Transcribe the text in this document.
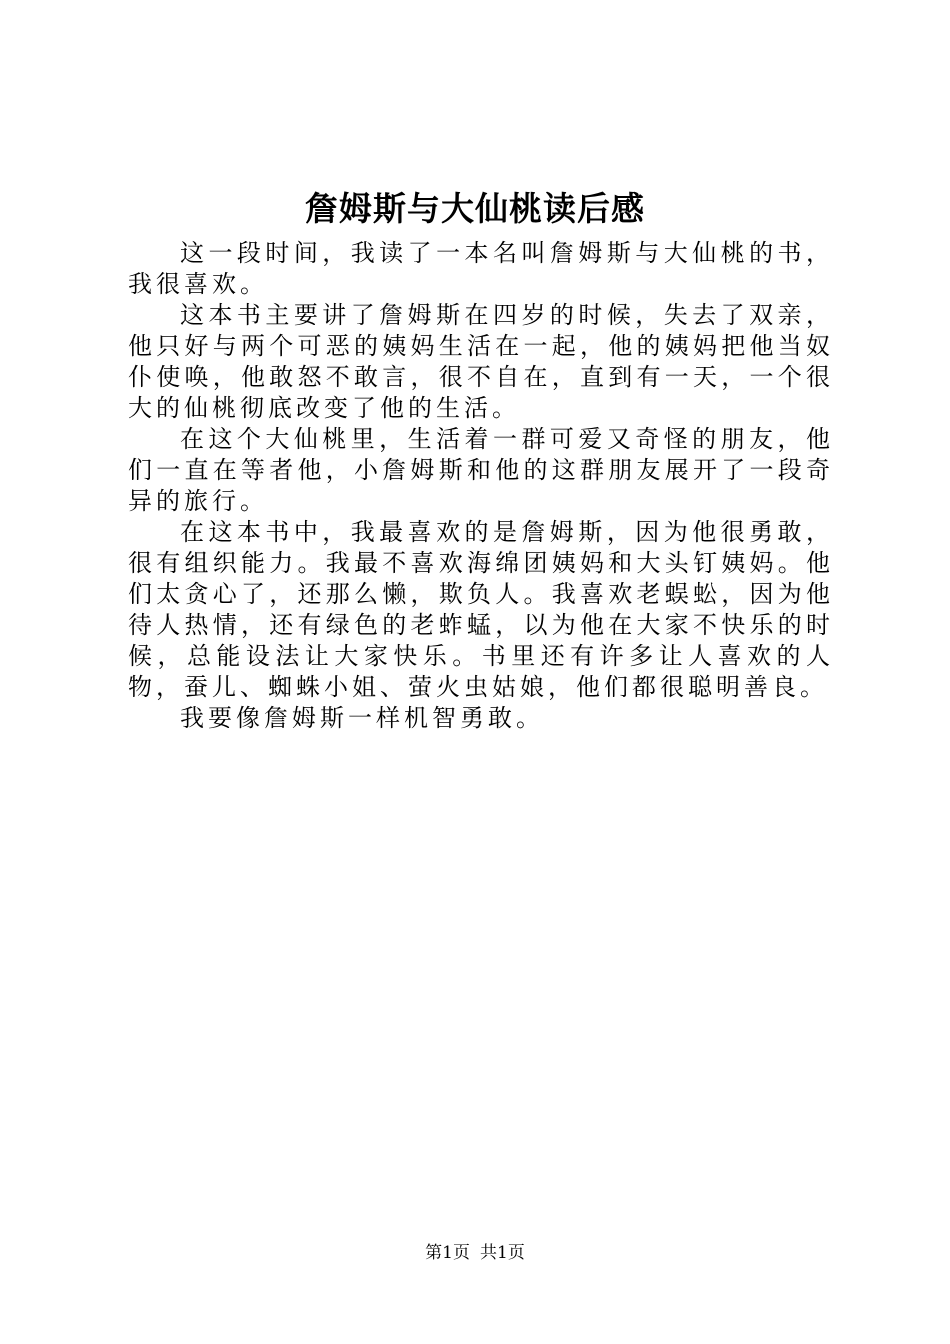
詹姆斯与大仙桃读后感

这一段时间，我读了一本名叫詹姆斯与大仙桃的书，我很喜欢。

这本书主要讲了詹姆斯在四岁的时候，失去了双亲，他只好与两个可恶的姨妈生活在一起，他的姨妈把他当奴仆使唤，他敢怒不敢言，很不自在，直到有一天，一个很大的仙桃彻底改变了他的生活。

在这个大仙桃里，生活着一群可爱又奇怪的朋友，他们一直在等者他，小詹姆斯和他的这群朋友展开了一段奇异的旅行。

在这本书中，我最喜欢的是詹姆斯，因为他很勇敢，很有组织能力。我最不喜欢海绵团姨妈和大头钉姨妈。他们太贪心了，还那么懒，欺负人。我喜欢老蜈蚣，因为他待人热情，还有绿色的老蚱蜢，以为他在大家不快乐的时候，总能设法让大家快乐。书里还有许多让人喜欢的人物，蚕儿、蜘蛛小姐、萤火虫姑娘，他们都很聪明善良。

我要像詹姆斯一样机智勇敢。

第1页 共1页
